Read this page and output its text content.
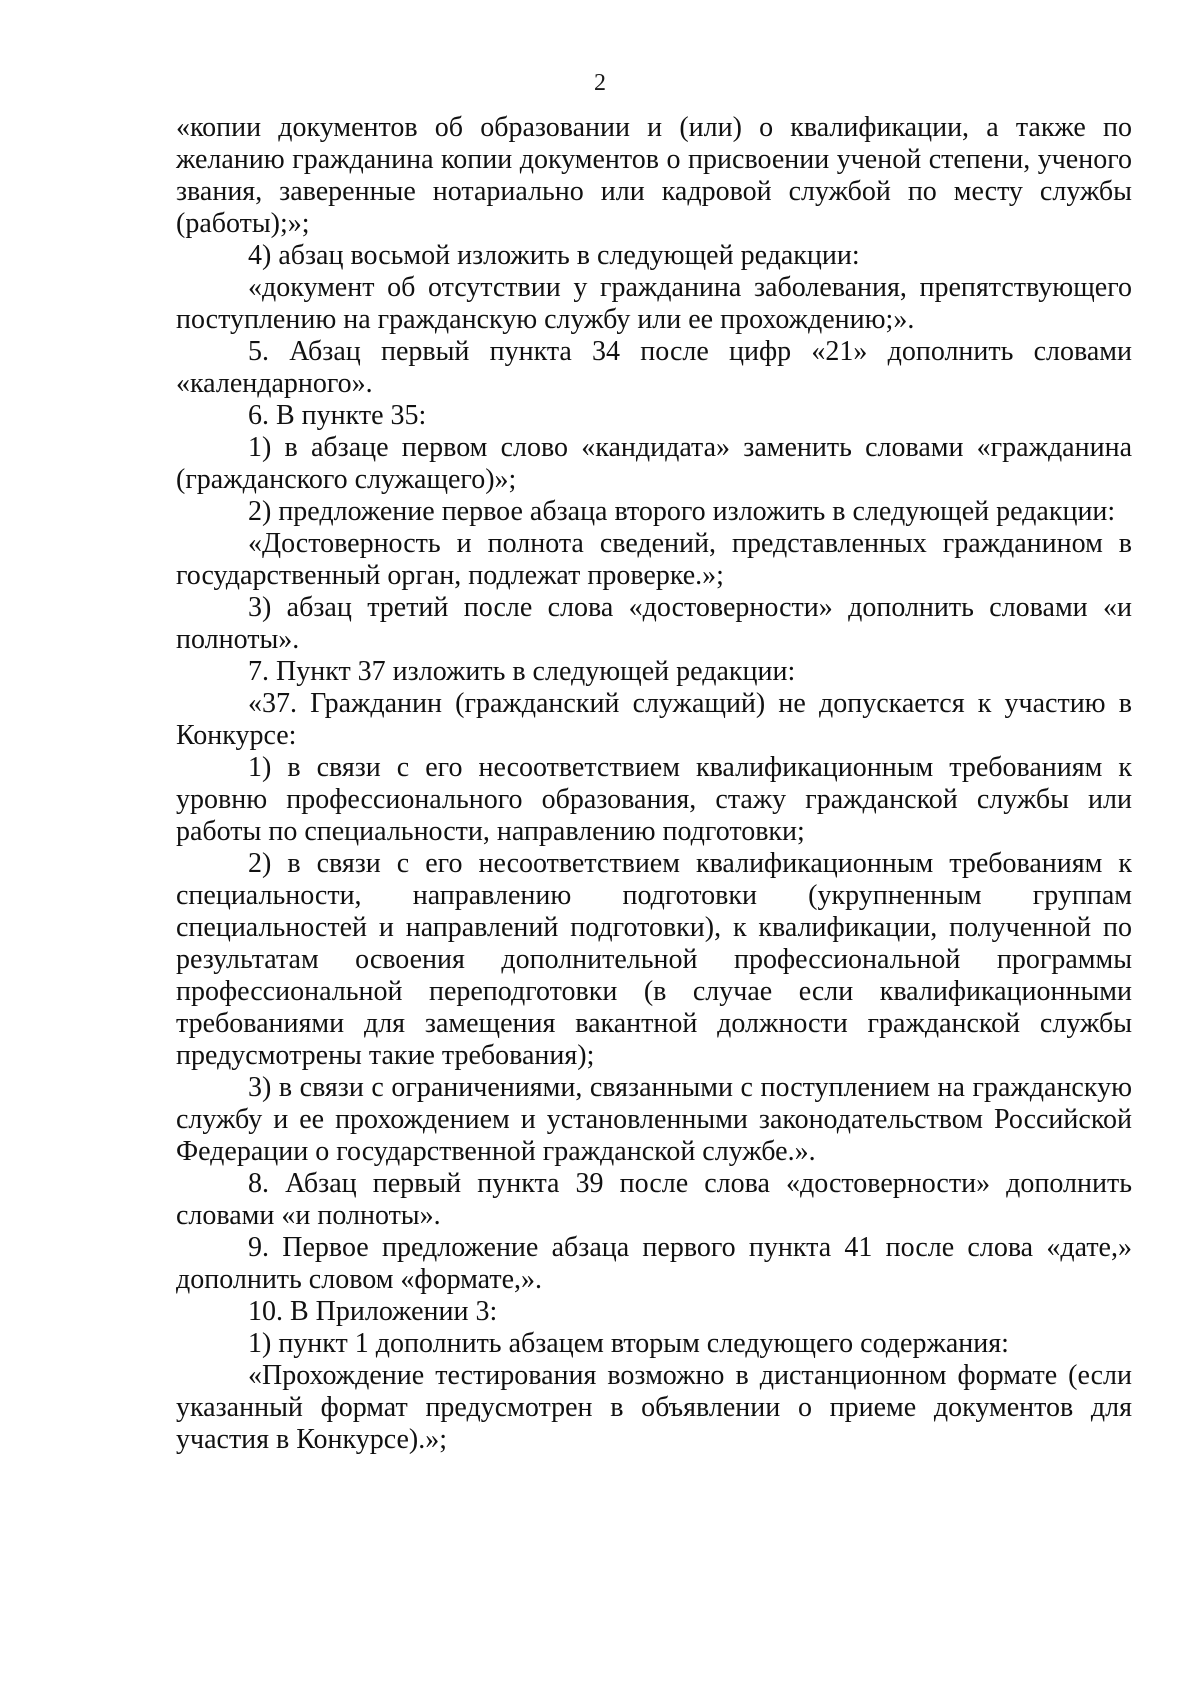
2

«копии документов об образовании и (или) о квалификации, а также по желанию гражданина копии документов о присвоении ученой степени, ученого звания, заверенные нотариально или кадровой службой по месту службы (работы);»;

4) абзац восьмой изложить в следующей редакции:

«документ об отсутствии у гражданина заболевания, препятствующего поступлению на гражданскую службу или ее прохождению;».

5. Абзац первый пункта 34 после цифр «21» дополнить словами «календарного».

6. В пункте 35:

1) в абзаце первом слово «кандидата» заменить словами «гражданина (гражданского служащего)»;

2) предложение первое абзаца второго изложить в следующей редакции:

«Достоверность и полнота сведений, представленных гражданином в государственный орган, подлежат проверке.»;

3) абзац третий после слова «достоверности» дополнить словами «и полноты».

7. Пункт 37 изложить в следующей редакции:

«37. Гражданин (гражданский служащий) не допускается к участию в Конкурсе:

1) в связи с его несоответствием квалификационным требованиям к уровню профессионального образования, стажу гражданской службы или работы по специальности, направлению подготовки;

2) в связи с его несоответствием квалификационным требованиям к специальности, направлению подготовки (укрупненным группам специальностей и направлений подготовки), к квалификации, полученной по результатам освоения дополнительной профессиональной программы профессиональной переподготовки (в случае если квалификационными требованиями для замещения вакантной должности гражданской службы предусмотрены такие требования);

3) в связи с ограничениями, связанными с поступлением на гражданскую службу и ее прохождением и установленными законодательством Российской Федерации о государственной гражданской службе.».

8. Абзац первый пункта 39 после слова «достоверности» дополнить словами «и полноты».

9. Первое предложение абзаца первого пункта 41 после слова «дате,» дополнить словом «формате,».

10. В Приложении 3:

1) пункт 1 дополнить абзацем вторым следующего содержания:

«Прохождение тестирования возможно в дистанционном формате (если указанный формат предусмотрен в объявлении о приеме документов для участия в Конкурсе).»;
